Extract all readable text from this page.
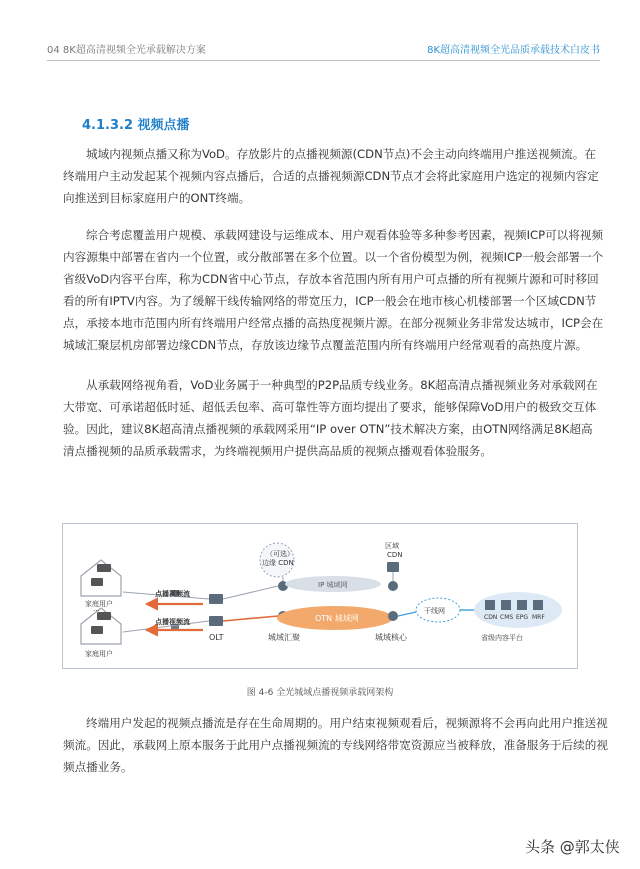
04 8K超高清视频全光承载解决方案	8K超高清视频全光品质承载技术白皮书
4.1.3.2 视频点播
城域内视频点播又称为VoD。存放影片的点播视频源(CDN节点)不会主动向终端用户推送视频流。在
终端用户主动发起某个视频内容点播后，合适的点播视频源CDN节点才会将此家庭用户选定的视频内容定
向推送到目标家庭用户的ONT终端。
综合考虑覆盖用户规模、承载网建设与运维成本、用户观看体验等多种参考因素，视频ICP可以将视频
内容源集中部署在省内一个位置，或分散部署在多个位置。以一个省份模型为例，视频ICP一般会部署一个
省级VoD内容平台库，称为CDN省中心节点，存放本省范围内所有用户可点播的所有视频片源和可时移回
看的所有IPTV内容。为了缓解干线传输网络的带宽压力，ICP一般会在地市核心机楼部署一个区域CDN节
点，承接本地市范围内所有终端用户经常点播的高热度视频片源。在部分视频业务非常发达城市，ICP会在
城域汇聚层机房部署边缘CDN节点，存放该边缘节点覆盖范围内所有终端用户经常观看的高热度片源。
从承载网络视角看，VoD业务属于一种典型的P2P品质专线业务。8K超高清点播视频业务对承载网在
大带宽、可承诺超低时延、超低丢包率、高可靠性等方面均提出了要求，能够保障VoD用户的极致交互体
验。因此，建议8K超高清点播视频的承载网采用“IP over OTN”技术解决方案，由OTN网络满足8K超高
清点播视频的品质承载需求，为终端视频用户提供高品质的视频点播观看体验服务。
家庭用户
···
家庭用户
OLT
点播视频流
点播视频流
（可选）
边缘 CDN
城域汇聚
IP 城域网
OTN 城域网
区域
CDN
城域核心
干线网
CDN CMS EPG MRF
省级内容平台
图 4-6 全光城域点播视频承载网架构
终端用户发起的视频点播流是存在生命周期的。用户结束视频观看后，视频源将不会再向此用户推送视
频流。因此，承载网上原本服务于此用户点播视频流的专线网络带宽资源应当被释放，准备服务于后续的视
频点播业务。
头条 @郭太侠
